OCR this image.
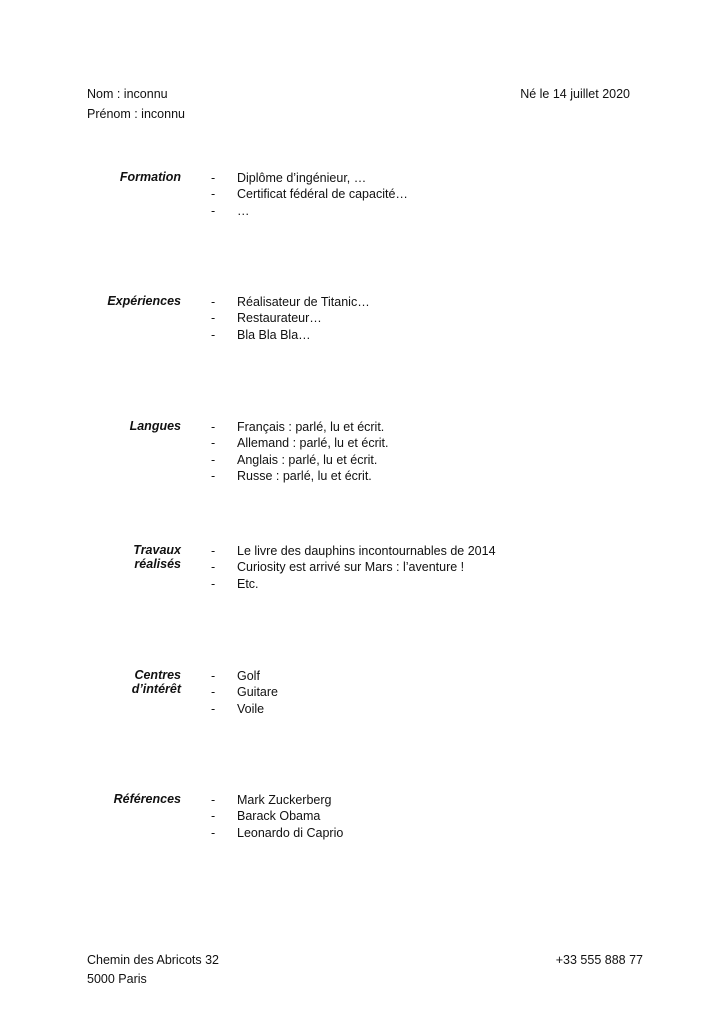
Nom : inconnu
Prénom : inconnu
Né le 14 juillet 2020
Formation - Diplôme d’ingénieur, …
- Certificat fédéral de capacité…
- …
Expériences - Réalisateur de Titanic…
- Restaurateur…
- Bla Bla Bla…
Langues - Français : parlé, lu et écrit.
- Allemand : parlé, lu et écrit.
- Anglais : parlé, lu et écrit.
- Russe : parlé, lu et écrit.
Travaux réalisés
- Le livre des dauphins incontournables de 2014
- Curiosity est arrivé sur Mars : l’aventure !
- Etc.
Centres d’intérêt
- Golf
- Guitare
- Voile
Références - Mark Zuckerberg
- Barack Obama
- Leonardo di Caprio
Chemin des Abricots 32
5000 Paris
+33 555 888 77
